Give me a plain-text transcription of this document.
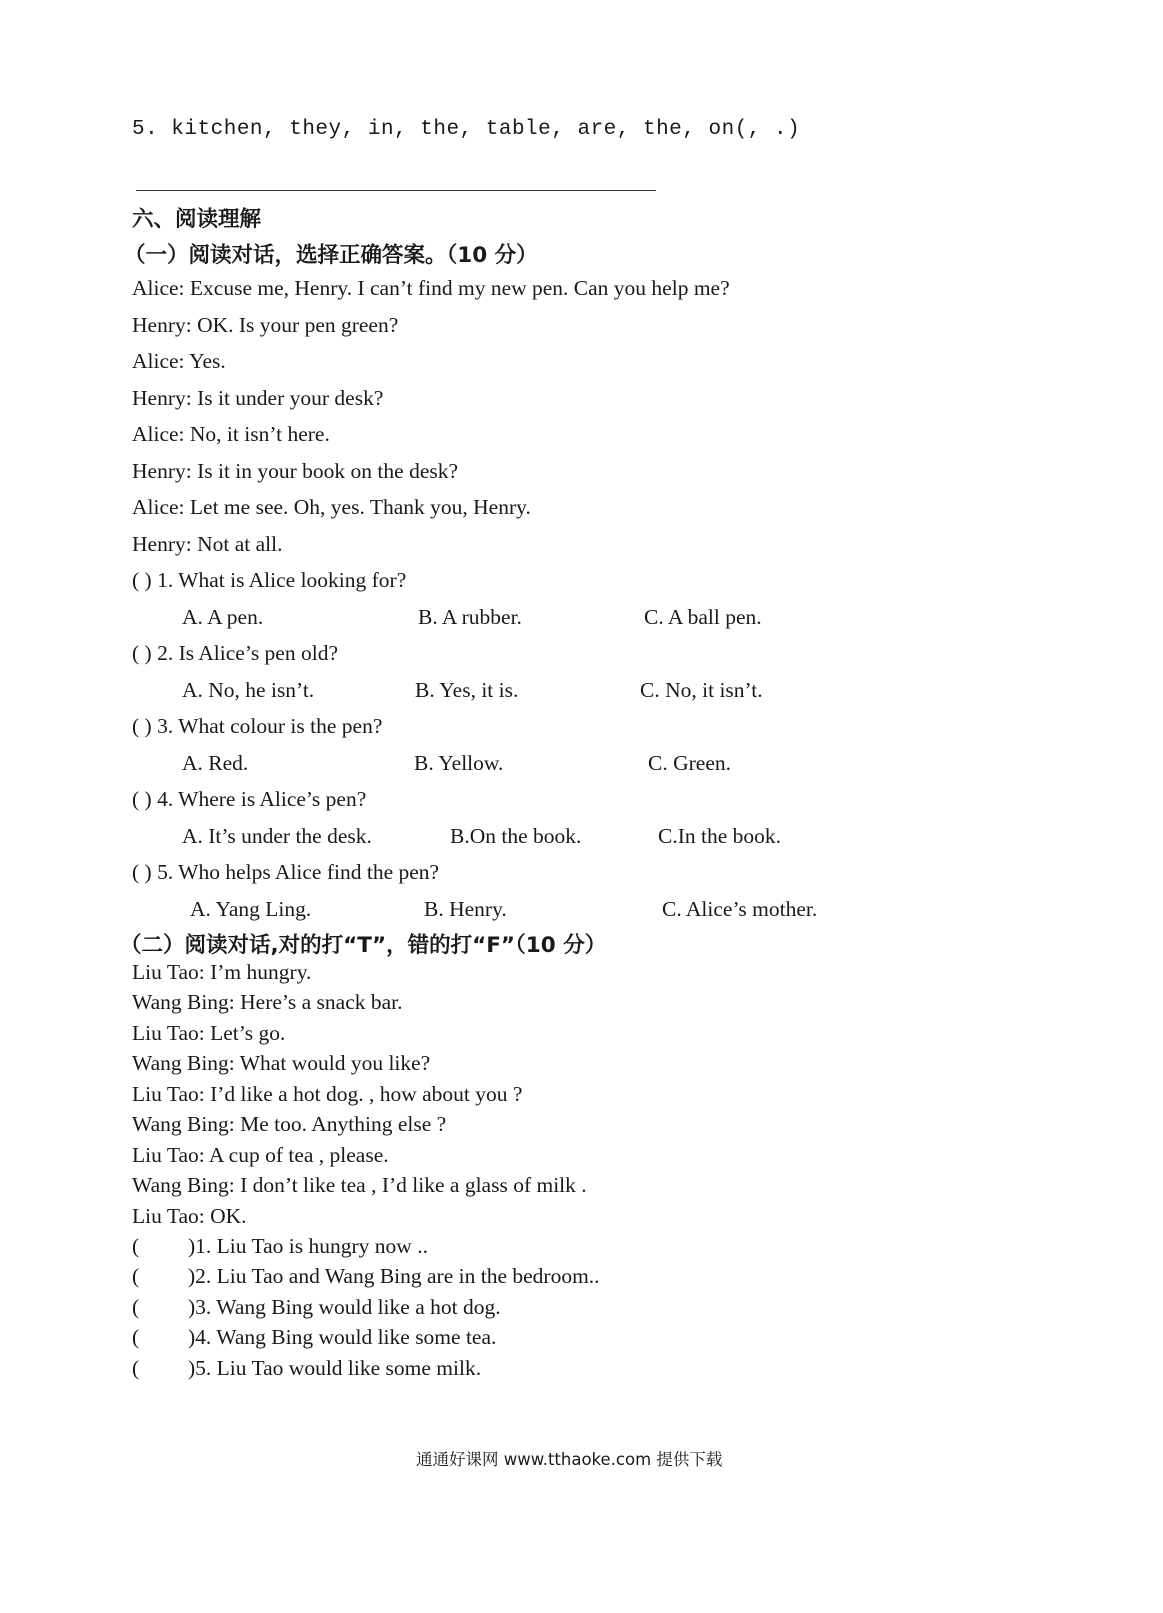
5. kitchen, they, in, the, table, are, the, on(, .)
六、阅读理解
（一）阅读对话，选择正确答案。（10 分）
Alice: Excuse me, Henry. I can’t find my new pen. Can you help me?
Henry: OK. Is your pen green?
Alice: Yes.
Henry: Is it under your desk?
Alice: No, it isn’t here.
Henry: Is it in your book on the desk?
Alice: Let me see. Oh, yes. Thank you, Henry.
Henry: Not at all.
( ) 1. What is Alice looking for?
A. A pen.	B. A rubber.	C. A ball pen.
( ) 2. Is Alice’s pen old?
A. No, he isn’t.	B. Yes, it is.	C. No, it isn’t.
( ) 3. What colour is the pen?
A. Red.	B. Yellow.	C. Green.
( ) 4. Where is Alice’s pen?
A. It’s under the desk.	B.On the book.	C.In the book.
( ) 5. Who helps Alice find the pen?
A. Yang Ling.	B. Henry.	C. Alice’s mother.
（二）阅读对话,对的打“T”，错的打“F”（10 分）
Liu Tao: I’m hungry.
Wang Bing: Here’s a snack bar.
Liu Tao: Let’s go.
Wang Bing: What would you like?
Liu Tao: I’d like a hot dog. , how about you ?
Wang Bing: Me too. Anything else ?
Liu Tao: A cup of tea , please.
Wang Bing: I don’t like tea , I’d like a glass of milk .
Liu Tao: OK.
( )1. Liu Tao is hungry now ..
( )2. Liu Tao and Wang Bing are in the bedroom..
( )3. Wang Bing would like a hot dog.
( )4. Wang Bing would like some tea.
( )5. Liu Tao would like some milk.
通通好课网 www.tthaoke.com 提供下载
